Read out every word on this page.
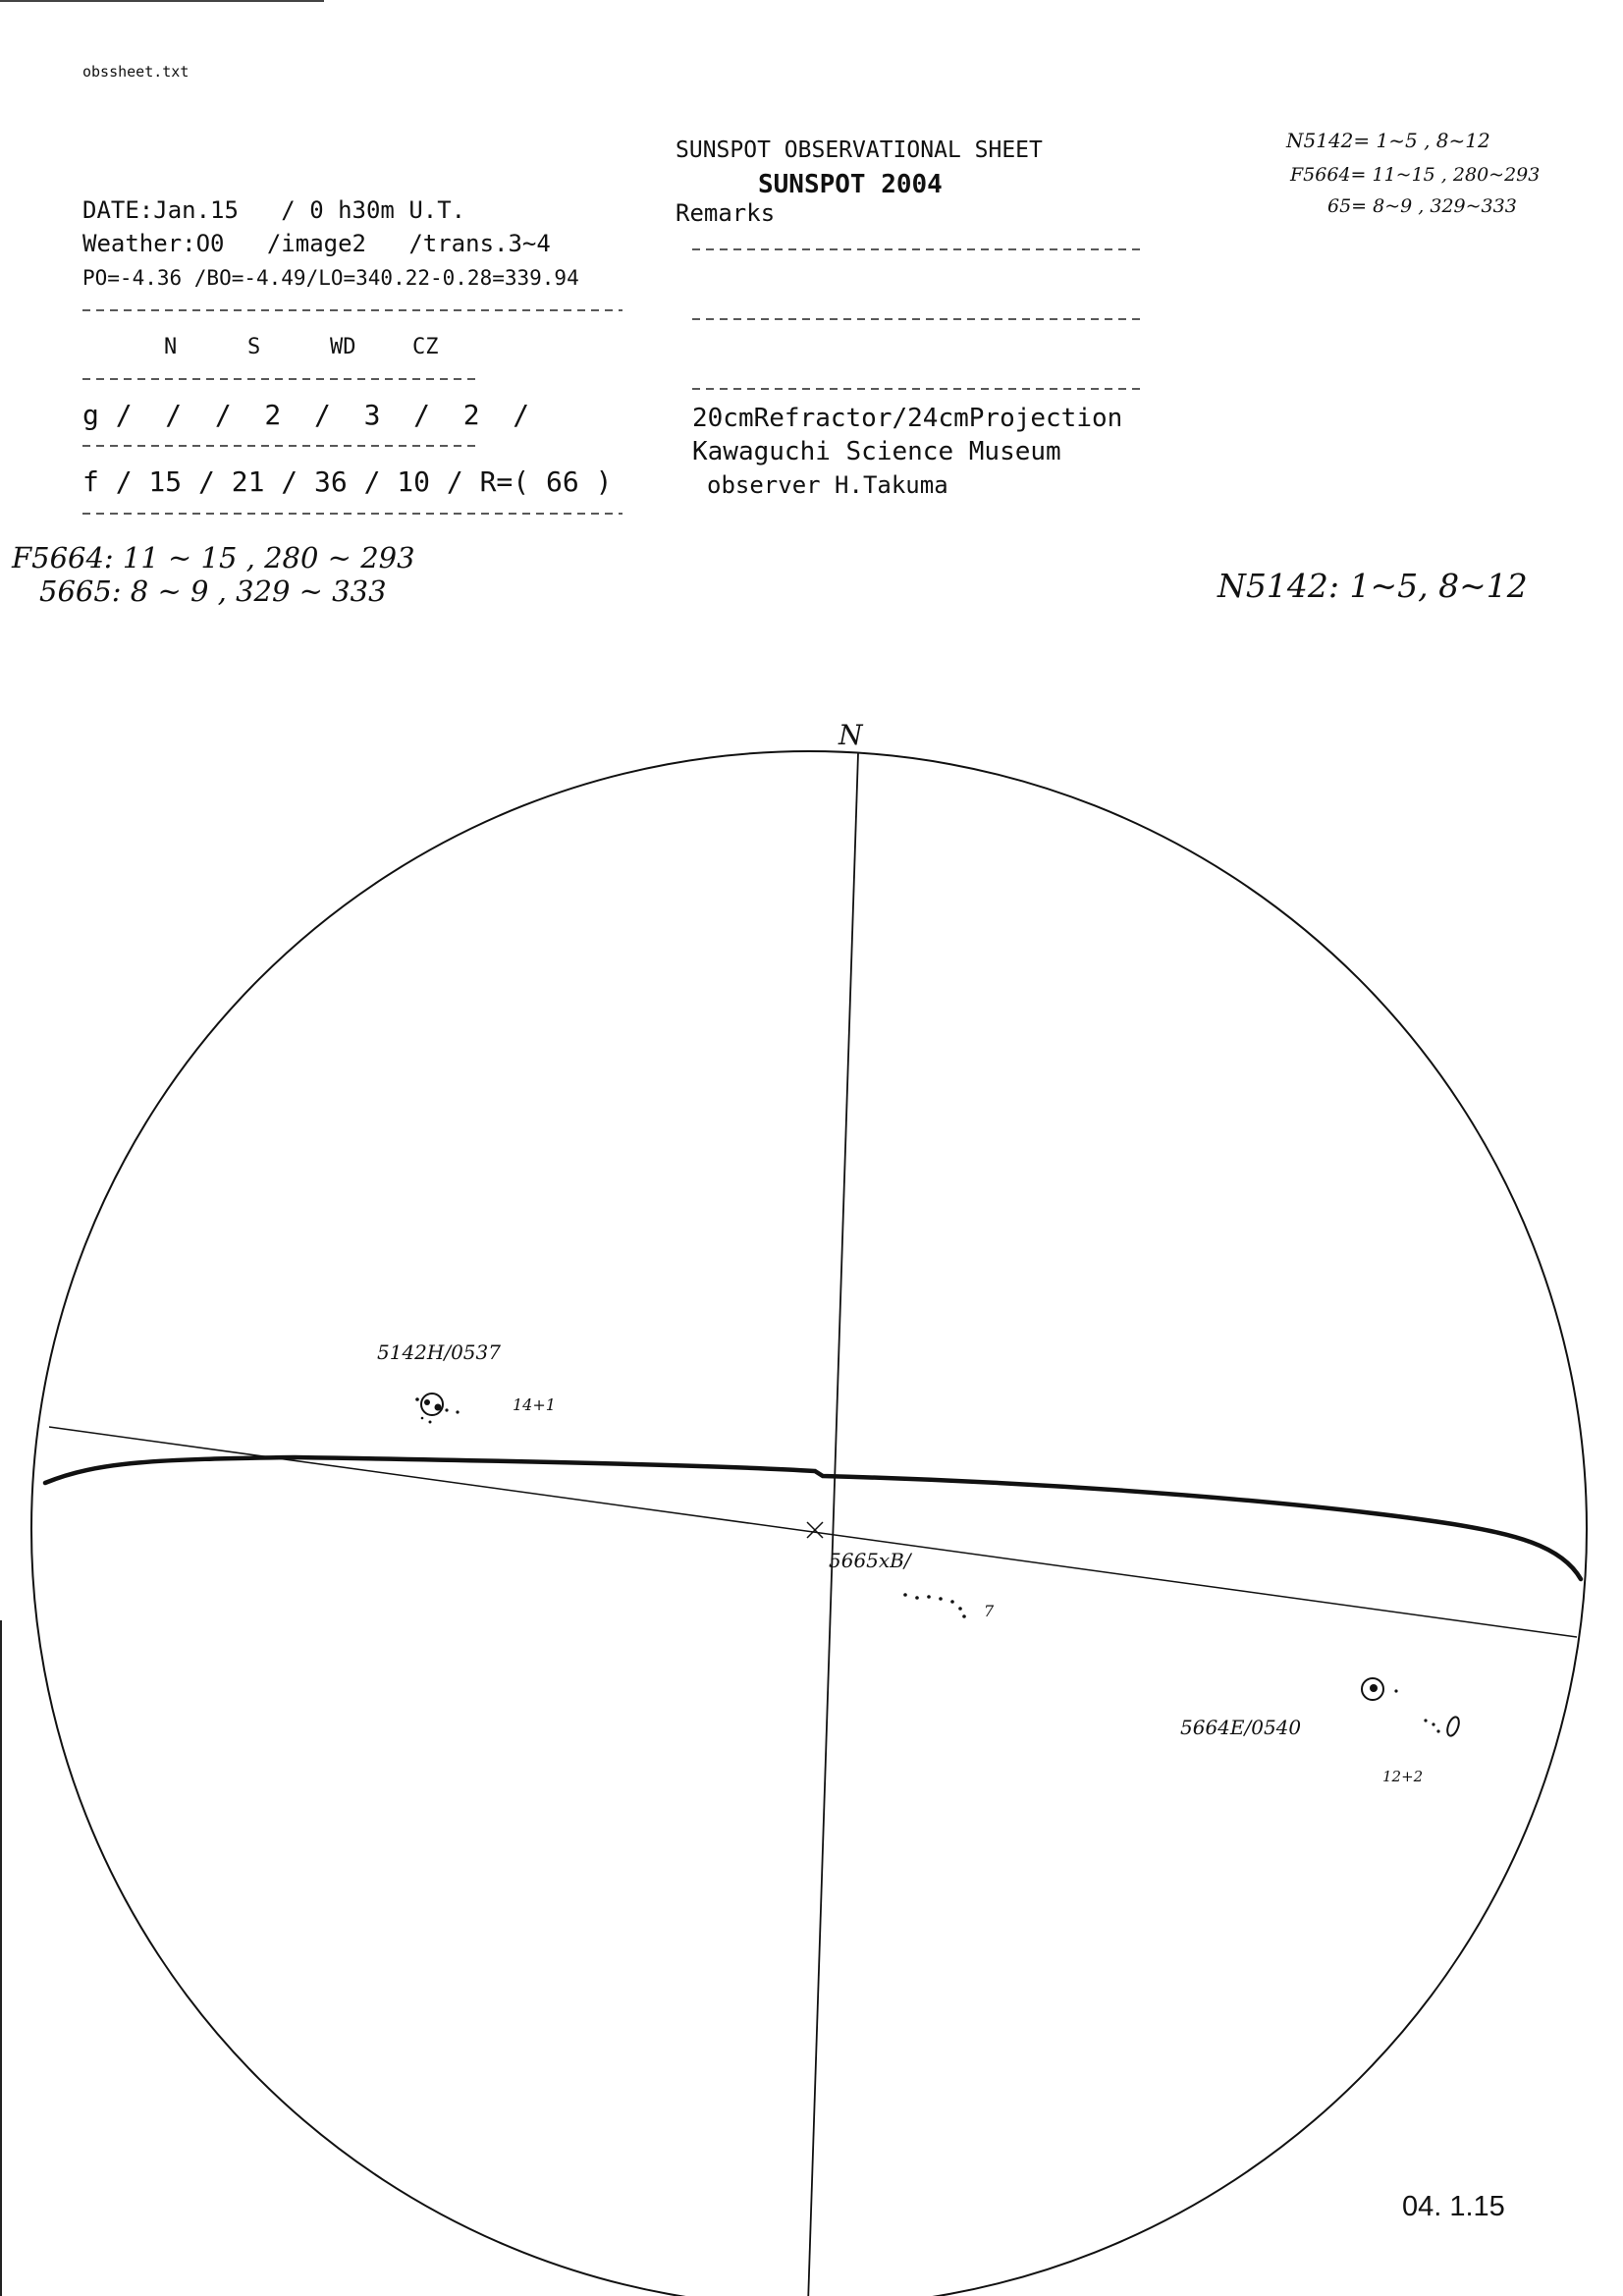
obssheet.txt
SUNSPOT OBSERVATIONAL SHEET
SUNSPOT 2004
Remarks
DATE:Jan.15   / 0 h30m U.T.
Weather:O0   /image2   /trans.3~4
PO=-4.36 /BO=-4.49/LO=340.22-0.28=339.94
N	S	WD	CZ
g /  /  /  2  /  3  /  2  /
f / 15 / 21 / 36 / 10 / R=( 66 )
20cmRefractor/24cmProjection
Kawaguchi Science Museum
observer H.Takuma
N5142= 1~5 , 8~12
F5664= 11~15 , 280~293
65= 8~9 , 329~333
F5664: 11 ~ 15 , 280 ~ 293
5665: 8 ~ 9 , 329 ~ 333	N5142: 1~5, 8~12
N
5142H/0537
14+1
5665xB/
7
5664E/0540
12+2
04. 1.15
